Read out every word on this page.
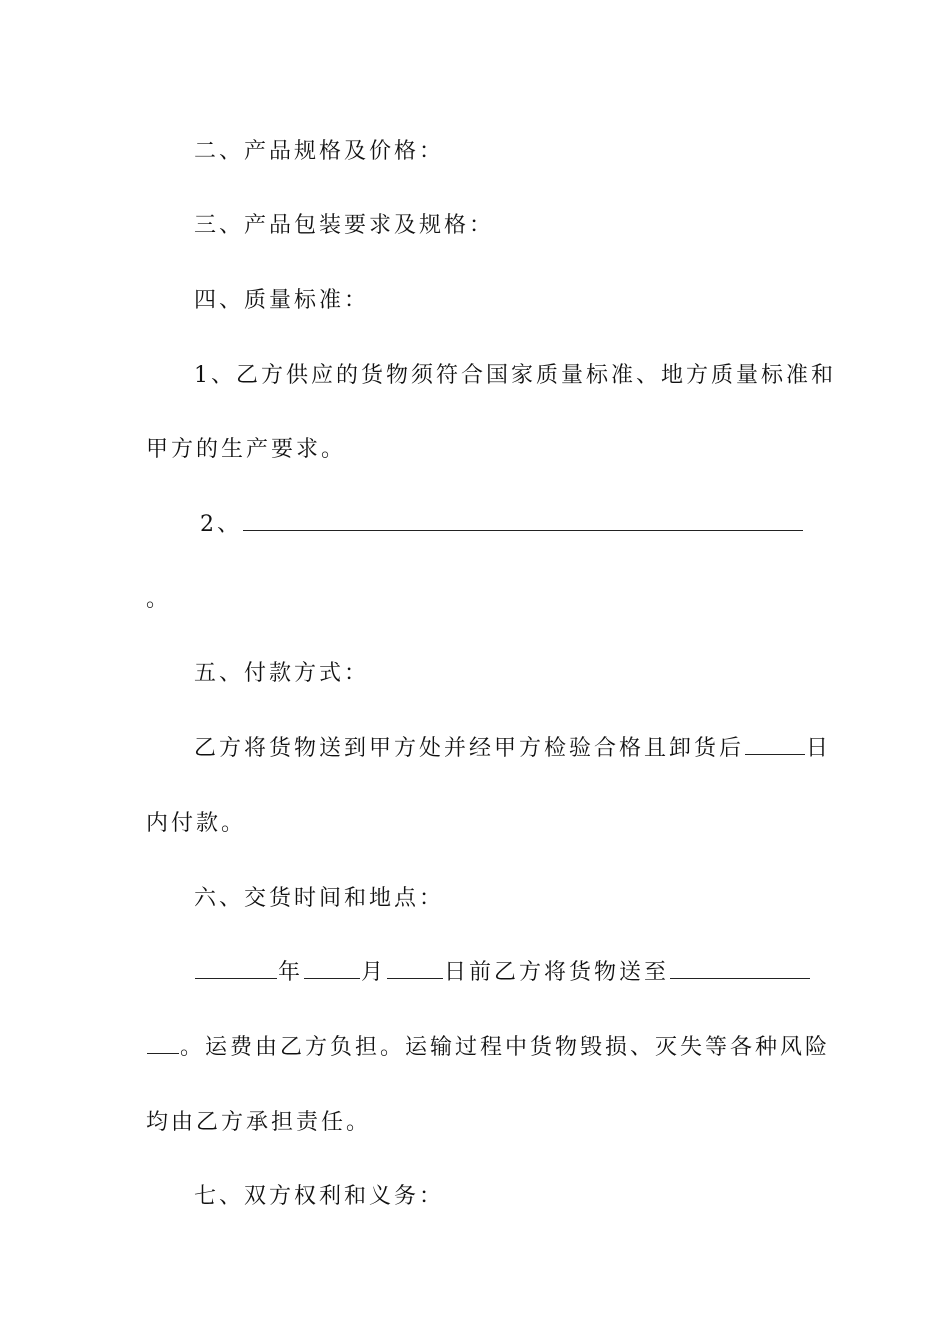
二、产品规格及价格：
三、产品包装要求及规格：
四、质量标准：
1、乙方供应的货物须符合国家质量标准、地方质量标准和
甲方的生产要求。
2、
。
五、付款方式：
乙方将货物送到甲方处并经甲方检验合格且卸货后	日
内付款。
六、交货时间和地点：
年	月	日前乙方将货物送至
。运费由乙方负担。运输过程中货物毁损、灭失等各种风险
均由乙方承担责任。
七、双方权利和义务：
